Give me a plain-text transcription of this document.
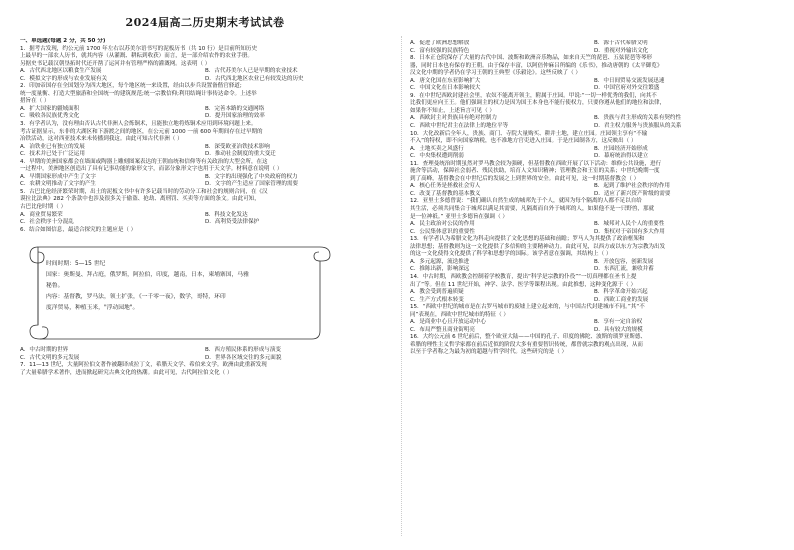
2024届高二历史期末考试试卷
一、单选题(每题 2 分，共 50 分)
1．据考古发现，约公元前 1700 年左右以苏美尔语书写的泥板历书（共 10 行）是目前所知历史
上最早的一部农人历书，就其内容（从灌溉、耕耘到收获）而言，是一部介绍农作的农业手册。
另据史书记载汉朝垦拓时代还开凿了运河并有管理严格的灌溉网。这表明（ ）
A．古代西北地区以粮食生产发展	B．古代苏美尔人已是早期的农业技术
C．模拟文字的形成与农业发展有关	D．古代西北地区农业已有较发达的历史
2．印加帝国存在全国划分为四大地区，每个地区统一来设置，经由以步兵设置备偕官驿道;
统一度量衡、打造大型旅游和全国统一的建筑规范;统一宗教信仰;利用结绳计事传达命令。上述举
措旨在（ ）
A．扩大国家的疆域面积	B．完善本路的交通网络
C．吸收各民族优秀文化	D．提升国家治理的效率
3．有学者认为，没有理由否认古代非洲人会炼铜术，且能独立地将炼铜术应用到环境问题上来。
考古证据显示，东非的大湖区和下游渡之间的地区，在公元前 1000 一前 600 年期间存在过早期的
冶铁活动，这对西亚技术来未传播到我这。由此可知古代非洲（ ）
A．冶铁业已有独立的发展	B．深受欧亚冶铁技术影响
C．技术并已处于广泛运用	D．推动社会制度的重大变迁
4．早期的美洲国家都会在墙面或陶器上雕刻图案表达的王朝血统和信仰等有关政治的大型会所，在这
一过程中，美洲地区创造出了具有记事功能的象形文字，而部分象形文字也用于天文学。材料意在说明（ ）
A．早期国家形成中产生了文字	B．文字的出现强化了中央政府的权力
C．农耕文明推动了文字的产生	D．文字的产生适应了国家管理的需要
5．古巴比伦经济繁荣时期，出土的泥板文书中有许多记载当时的劳动分工和社会的规则合同，在《汉
谟拉比法典》282 个条款中也涉及很多关于偷盗、抢劫、离刑罚、买卖等方面的条文。由此可知，
古巴比伦时期（ ）
A．商业贸易繁荣	B．科技文化发达
C．社会秩序十分混乱	D．高利贷受法律保护
6．结合如图信息，最适合探究的主题应是（ ）
时间时期：5—15 世纪
国家：奥斯曼、拜占庭，俄罗斯，阿拉伯，印度，越南，日本，柬埔寨国，马雅
秘鲁。
内容：基督教，罗马法，领土扩张，《一千零一夜》，数学，哥特，环印
度洋贸易，种植玉米，"浮动园地"。
A．中古时期的世界	B．西方殖民体系的形成与演变
C．古代文明的多元发展	D．世界各区域交往的多元面貌
7．11—13 世纪，大量阿拉伯文著作被翻译成拉丁文，希腊天文学、希伯来文学。欧洲由此重新发现
了大量希腊学术著作，进而掀起研究古典文化的热潮。由此可见，古代阿拉伯文化（ ）
A．促进了欧洲思想解放	B．源于古代希腊文明
C．富有较强的民族特色	D．重视对外输出文化
8．日本正仓院保存了大量的古代中国、波斯和欧洲音乐物品，如来自天竺的琵琶、五弦琵琶等琴形
器，同时日本也有保存的王朝。由于保存丰富，以阿倍仲麻吕所编的《乐书》，推动唐朝的《太平御览》
汉文化中期的学者仍在学习王朝的王典型《乐毅论》。这些反映了（ ）
A．唐文化国在东亚影响扩大	B．中日间贸易交流发展迅速
C．中国文化在日本影响较大	D．中国官府对外交往繁盛
9．在中世纪西欧封建社会里，农奴不能离开领主，附属于庄园。甲说:“一切一样优秀的我们，向其不
比我们更应向王王。他们强调主的权力是因为国王本身也不能行使权力，只要你遵从他们的地位和法律，
如果你不知止，上述旨言可见（ ）
A．西欧封主对贵族具有绝对控制力	B．贵族与君主形成的关系有契约性
C．西欧中世纪君主在法律上的地位平等	D．君主权力服务与贵族服从的关系
10．大化改新后全年人，贵族、商门、寺院大量购买、耕并土地，建立庄园。庄园领主享有“不输
不入”的特权，即不向国家纳税，也不准地方官吏进入庄园。于是庄园制各方，这反映出（ ）
A．土地买卖之风盛行	B．庄园经济开始形成
C．中央集权遭到削弱	D．幕府统治得以建立
11．查理曼统治时期虽然对罗马教会较为强硬，但基督教在西欧开展了以下活动：维修公共设施，进行
施舍等活动，保障社会弱者、残民扶助，培育人文知识精神；管理教会和王室的关系；中世纪晚期一度
到了高峰，基督教会在中世纪后的发展之上到世界的安全。由此可见，这一时期基督教会（ ）
A．核心任务是拯救社会穷人	B．起到了维护社会秩序的作用
C．改变了基督教的基本教义	D．适应了新兴资产阶级的需要
12．亚里士多德曾说：“我们确认自然生成的城邦先于个人，就因为每个隔离的人都不足以自给
其生活，必须共同集合于城邦以满足其需要，凡隔离而自外于城邦的人，如果他不是一只野兽，那就
是一位神祇。” 亚里士多德旨在强调（ ）
A．民主政治对公民的作用	B．城邦对人民个人的重要性
C．公民集体意识的重要性	D．集权对于帝国有多大作用
13．有学者认为希腊文化为科走向提供了文化思想的基础和前瞻；罗马人为其提供了政治框架和
法律思想；基督教则为这一文化提供了多信仰的主要精神动力。由此可见，以西方或以东方为宗教为出发
的这一文化使得文化提供了科学和思想学的国际。该学者意在强调，其结构上（ ）
A．多元起源，流迭推进	B．开放包容，创新发展
C．推陈出新，影响深远	D．东西汇流，兼收并蓄
14．中古时期，西欧教会控制着学校教育，提出“科学是宗教的仆役”“一切真理都在圣书上提
出了”等。但在 11 世纪开始，神学、法学、医学等课程出现。由此推想，这种变化源于（ ）
A．教会受到普遍质疑	B．科学革命开始兴起
C．生产方式根本转变	D．西欧工商业的发展
15．“西欧中世纪的城市是在古罗马城市的废墟上建立起来的，与中国古代封建城市不同。”其“不
同”表现在，西欧中世纪城市的特征（ ）
A．是商业中心且开放运动中心	B．享有一定自治权
C．布局严整且商业街明亮	D．具有较大的规模
16．大约公元前 6 世纪前后，整个欧亚大陆——中国的孔子、印度的佛陀、波斯的琐罗亚斯德、
希腊的理性主义哲学家都在前后近似的阶段大多有重要智识传统，都曾就宗教的观点出现，从而
以至于学者称之为最为初的超越与哲学时代。这些研究的是（ ）
